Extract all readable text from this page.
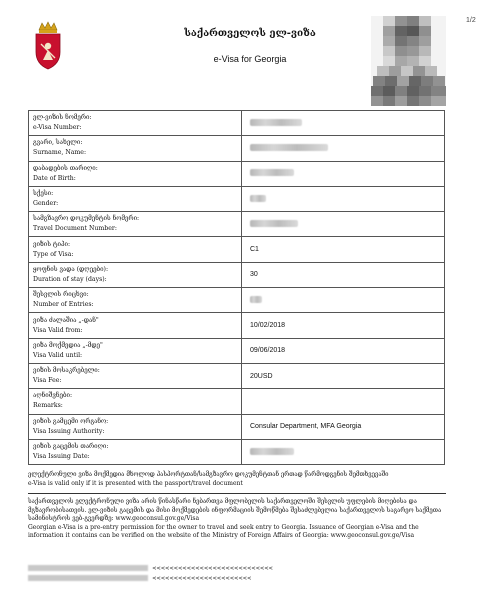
1/2
საქართველოს ელ-ვიზა
e-Visa for Georgia
ელ-ვიზის ნომერი:
e-Visa Number:	

გვარი, სახელი:
Surname, Name:	

დაბადების თარიღი:
Date of Birth:	

სქესი:
Gender:	

სამგზავრო დოკუმენტის ნომერი:
Travel Document Number:	

ვიზის ტიპი:
Type of Visa:	C1

ყოფნის ვადა (დღეები):
Duration of stay (days):	30

შესვლის რიცხვი:
Number of Entries:	

ვიზა ძალაშია „-დან"
Visa Valid from:	10/02/2018

ვიზა მოქმედია „-მდე"
Visa Valid until:	09/06/2018

ვიზის მოსაკრებელი:
Visa Fee:	20USD

აღნიშვნები:
Remarks:	

ვიზის გამცემი ორგანო:
Visa Issuing Authority:	Consular Department, MFA Georgia

ვიზის გაცემის თარიღი:
Visa Issuing Date:	

ელექტრონული ვიზა მოქმედია მხოლოდ პასპორტთან/სამგზავრო დოკუმენტთან ერთად წარმოდგენის შემთხვევაში
e-Visa is valid only if it is presented with the passport/travel document
საქართველოს ელექტრონული ვიზა არის წინასწარი ნებართვა მფლობელის საქართველოში შესვლის უფლების მიღებისა და მგზავრობისათვის. ელ-ვიზის გაცემის და მისი მოქმედების ინფორმაციის შემოწმება შესაძლებელია საქართველოს საგარეო საქმეთა სამინისტროს ვებ-გვერდზე: www.geoconsul.gov.ge/Visa
Georgian e-Visa is a pre-entry permission for the owner to travel and seek entry to Georgia. Issuance of Georgian e-Visa and the information it contains can be verified on the website of the Ministry of Foreign Affairs of Georgia: www.geoconsul.gov.ge/Visa
<<<<<<<<<<<<<<<<<<<<<<<<<<<<
<<<<<<<<<<<<<<<<<<<<<<<
